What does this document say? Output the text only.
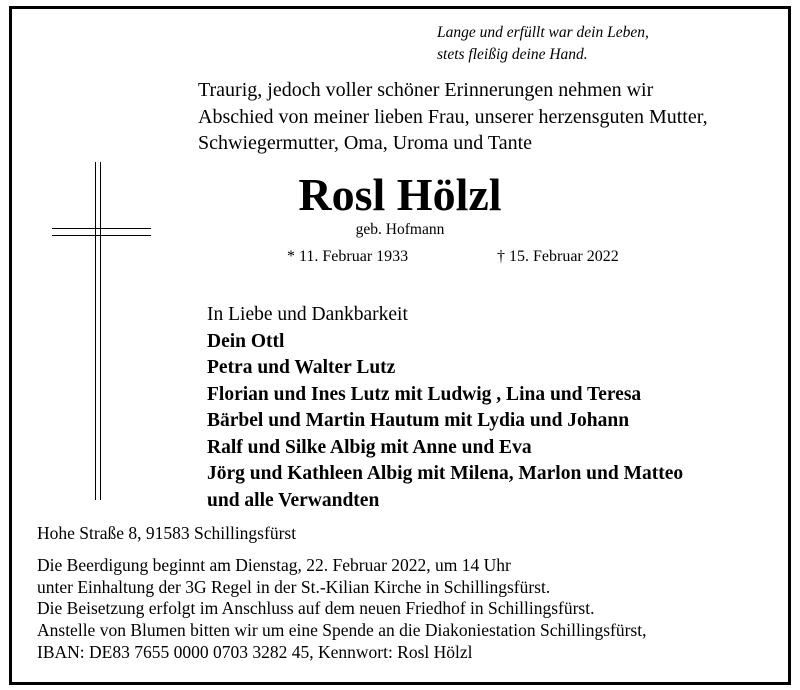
Lange und erfüllt war dein Leben,
stets fleißig deine Hand.
Traurig, jedoch voller schöner Erinnerungen nehmen wir
Abschied von meiner lieben Frau, unserer herzensguten Mutter,
Schwiegermutter, Oma, Uroma und Tante
Rosl Hölzl
geb. Hofmann
* 11. Februar 1933	† 15. Februar 2022
In Liebe und Dankbarkeit
Dein Ottl
Petra und Walter Lutz
Florian und Ines Lutz mit Ludwig , Lina und Teresa
Bärbel und Martin Hautum mit Lydia und Johann
Ralf und Silke Albig mit Anne und Eva
Jörg und Kathleen Albig mit Milena, Marlon und Matteo
und alle Verwandten
Hohe Straße 8, 91583 Schillingsfürst
Die Beerdigung beginnt am Dienstag, 22. Februar 2022, um 14 Uhr
unter Einhaltung der 3G Regel in der St.-Kilian Kirche in Schillingsfürst.
Die Beisetzung erfolgt im Anschluss auf dem neuen Friedhof in Schillingsfürst.
Anstelle von Blumen bitten wir um eine Spende an die Diakoniestation Schillingsfürst,
IBAN: DE83 7655 0000 0703 3282 45, Kennwort: Rosl Hölzl
